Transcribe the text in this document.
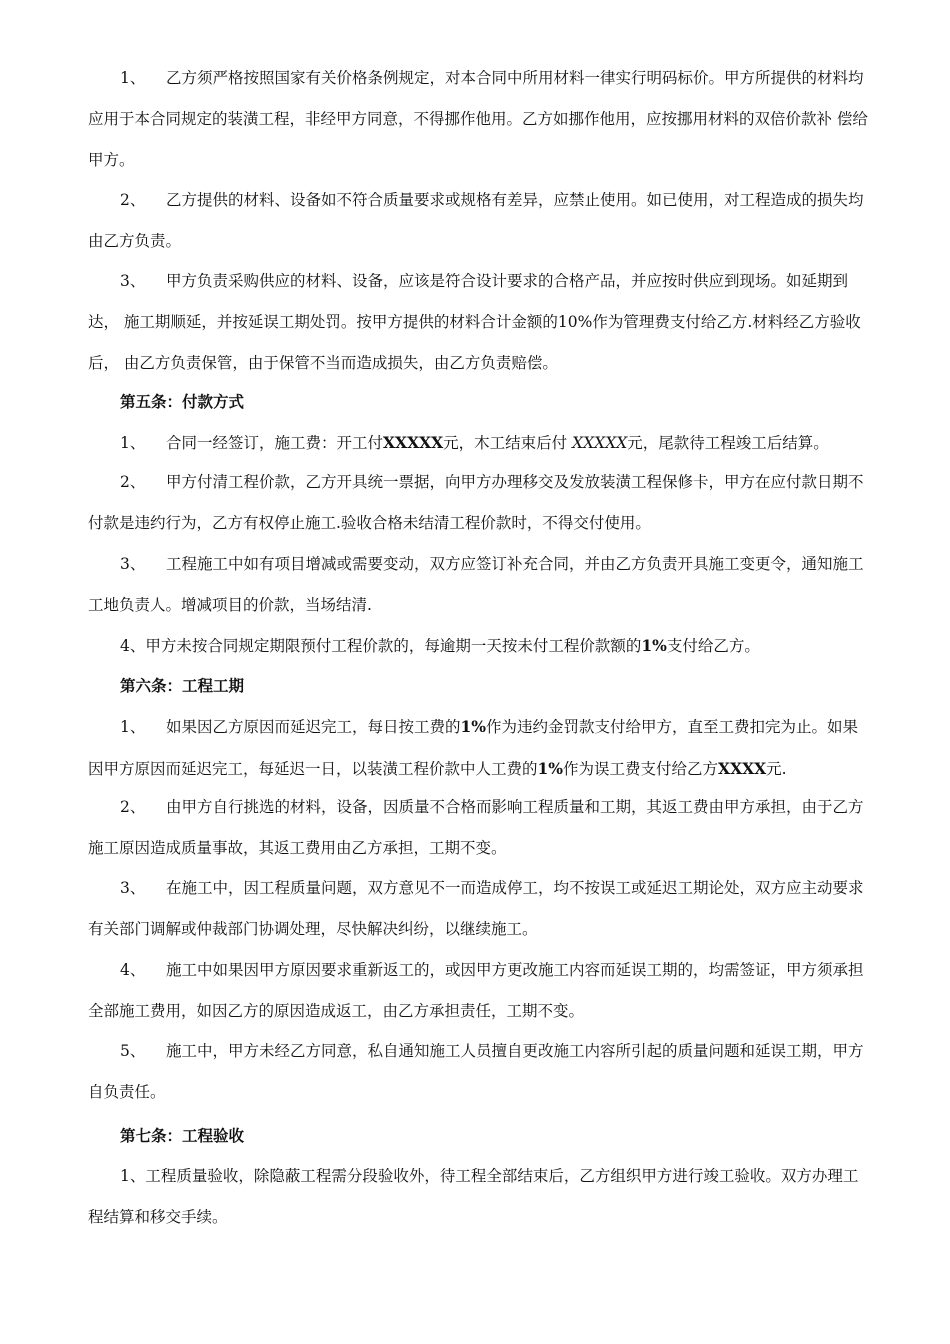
1、 乙方须严格按照国家有关价格条例规定，对本合同中所用材料一律实行明码标价。甲方所提供的材料均 应用于本合同规定的装潢工程，非经甲方同意，不得挪作他用。乙方如挪作他用，应按挪用材料的双倍价款补 偿给甲方。

2、 乙方提供的材料、设备如不符合质量要求或规格有差异，应禁止使用。如已使用，对工程造成的损失均 由乙方负责。

3、 甲方负责采购供应的材料、设备，应该是符合设计要求的合格产品，并应按时供应到现场。如延期到达， 施工期顺延，并按延误工期处罚。按甲方提供的材料合计金额的10%作为管理费支付给乙方.材料经乙方验收后， 由乙方负责保管，由于保管不当而造成损失，由乙方负责赔偿。

第五条：付款方式

1、 合同一经签订，施工费：开工付XXXXX元，木工结束后付 XXXXX元，尾款待工程竣工后结算。

2、 甲方付清工程价款，乙方开具统一票据，向甲方办理移交及发放装潢工程保修卡，甲方在应付款日期不 付款是违约行为，乙方有权停止施工.验收合格未结清工程价款时，不得交付使用。

3、 工程施工中如有项目增减或需要变动，双方应签订补充合同，并由乙方负责开具施工变更令，通知施工 工地负责人。增减项目的价款，当场结清.

4、甲方未按合同规定期限预付工程价款的，每逾期一天按未付工程价款额的1%支付给乙方。

第六条：工程工期

1、 如果因乙方原因而延迟完工，每日按工费的1%作为违约金罚款支付给甲方，直至工费扣完为止。如果 因甲方原因而延迟完工，每延迟一日，以装潢工程价款中人工费的1%作为误工费支付给乙方XXXX元.

2、 由甲方自行挑选的材料，设备，因质量不合格而影响工程质量和工期，其返工费由甲方承担，由于乙方 施工原因造成质量事故，其返工费用由乙方承担，工期不变。

3、 在施工中，因工程质量问题，双方意见不一而造成停工，均不按误工或延迟工期论处，双方应主动要求 有关部门调解或仲裁部门协调处理，尽快解决纠纷，以继续施工。

4、 施工中如果因甲方原因要求重新返工的，或因甲方更改施工内容而延误工期的，均需签证，甲方须承担 全部施工费用，如因乙方的原因造成返工，由乙方承担责任，工期不变。

5、 施工中，甲方未经乙方同意，私自通知施工人员擅自更改施工内容所引起的质量问题和延误工期，甲方 自负责任。

第七条：工程验收

1、工程质量验收，除隐蔽工程需分段验收外，待工程全部结束后，乙方组织甲方进行竣工验收。双方办理工程结算和移交手续。
